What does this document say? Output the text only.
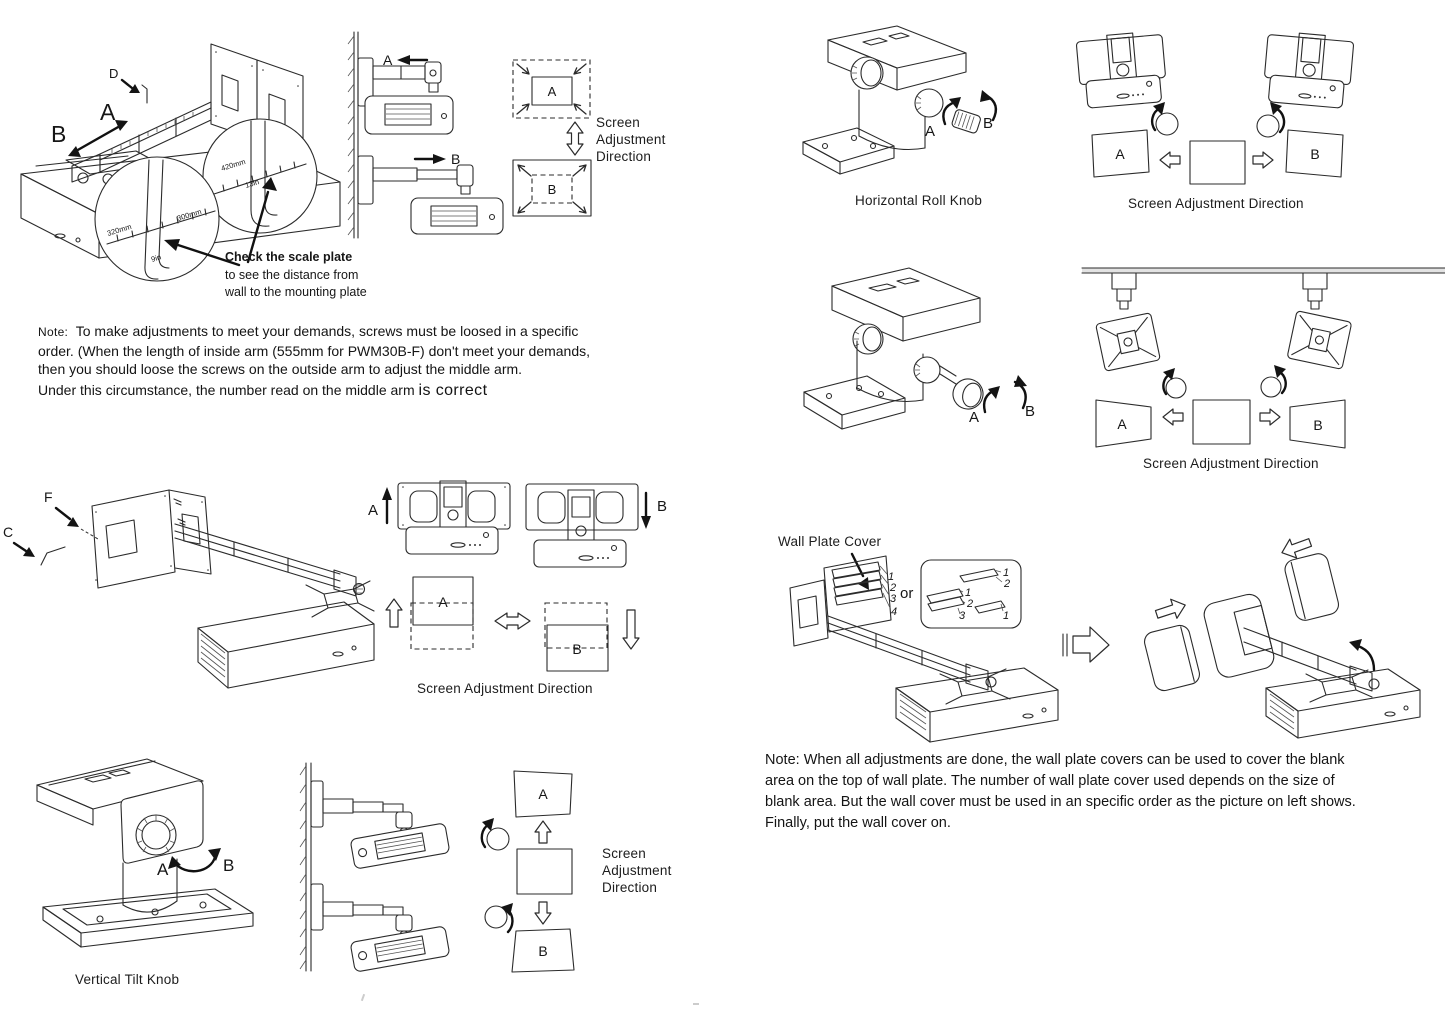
420mm
13in
320mm
9in
300mm
D
A
B
Check the scale plate
to see the distance from
wall to the mounting plate
A
B
A
B
Screen
Adjustment
Direction
Note: To make adjustments to meet your demands, screws must be loosed in a specific
order. (When the length of inside arm (555mm for PWM30B-F) don't meet your demands,
then you should loose the screws on the outside arm to adjust the middle arm.
Under this circumstance, the number read on the middle arm is correct
F
C
A	B
A
B
Screen Adjustment Direction
A	B
Vertical Tilt Knob
A
B
Screen
Adjustment
Direction
A	B
Horizontal Roll Knob
A	B
Screen Adjustment Direction
A	B
A	B
Screen Adjustment Direction
Wall Plate Cover
1
2
3
4
or
1
2
1
2
3	1
Note: When all adjustments are done, the wall plate covers can be used to cover the blank
area on the top of wall plate. The number of wall plate cover used depends on the size of
blank area. But the wall cover must be used in an specific order as the picture on left shows.
Finally, put the wall cover on.
